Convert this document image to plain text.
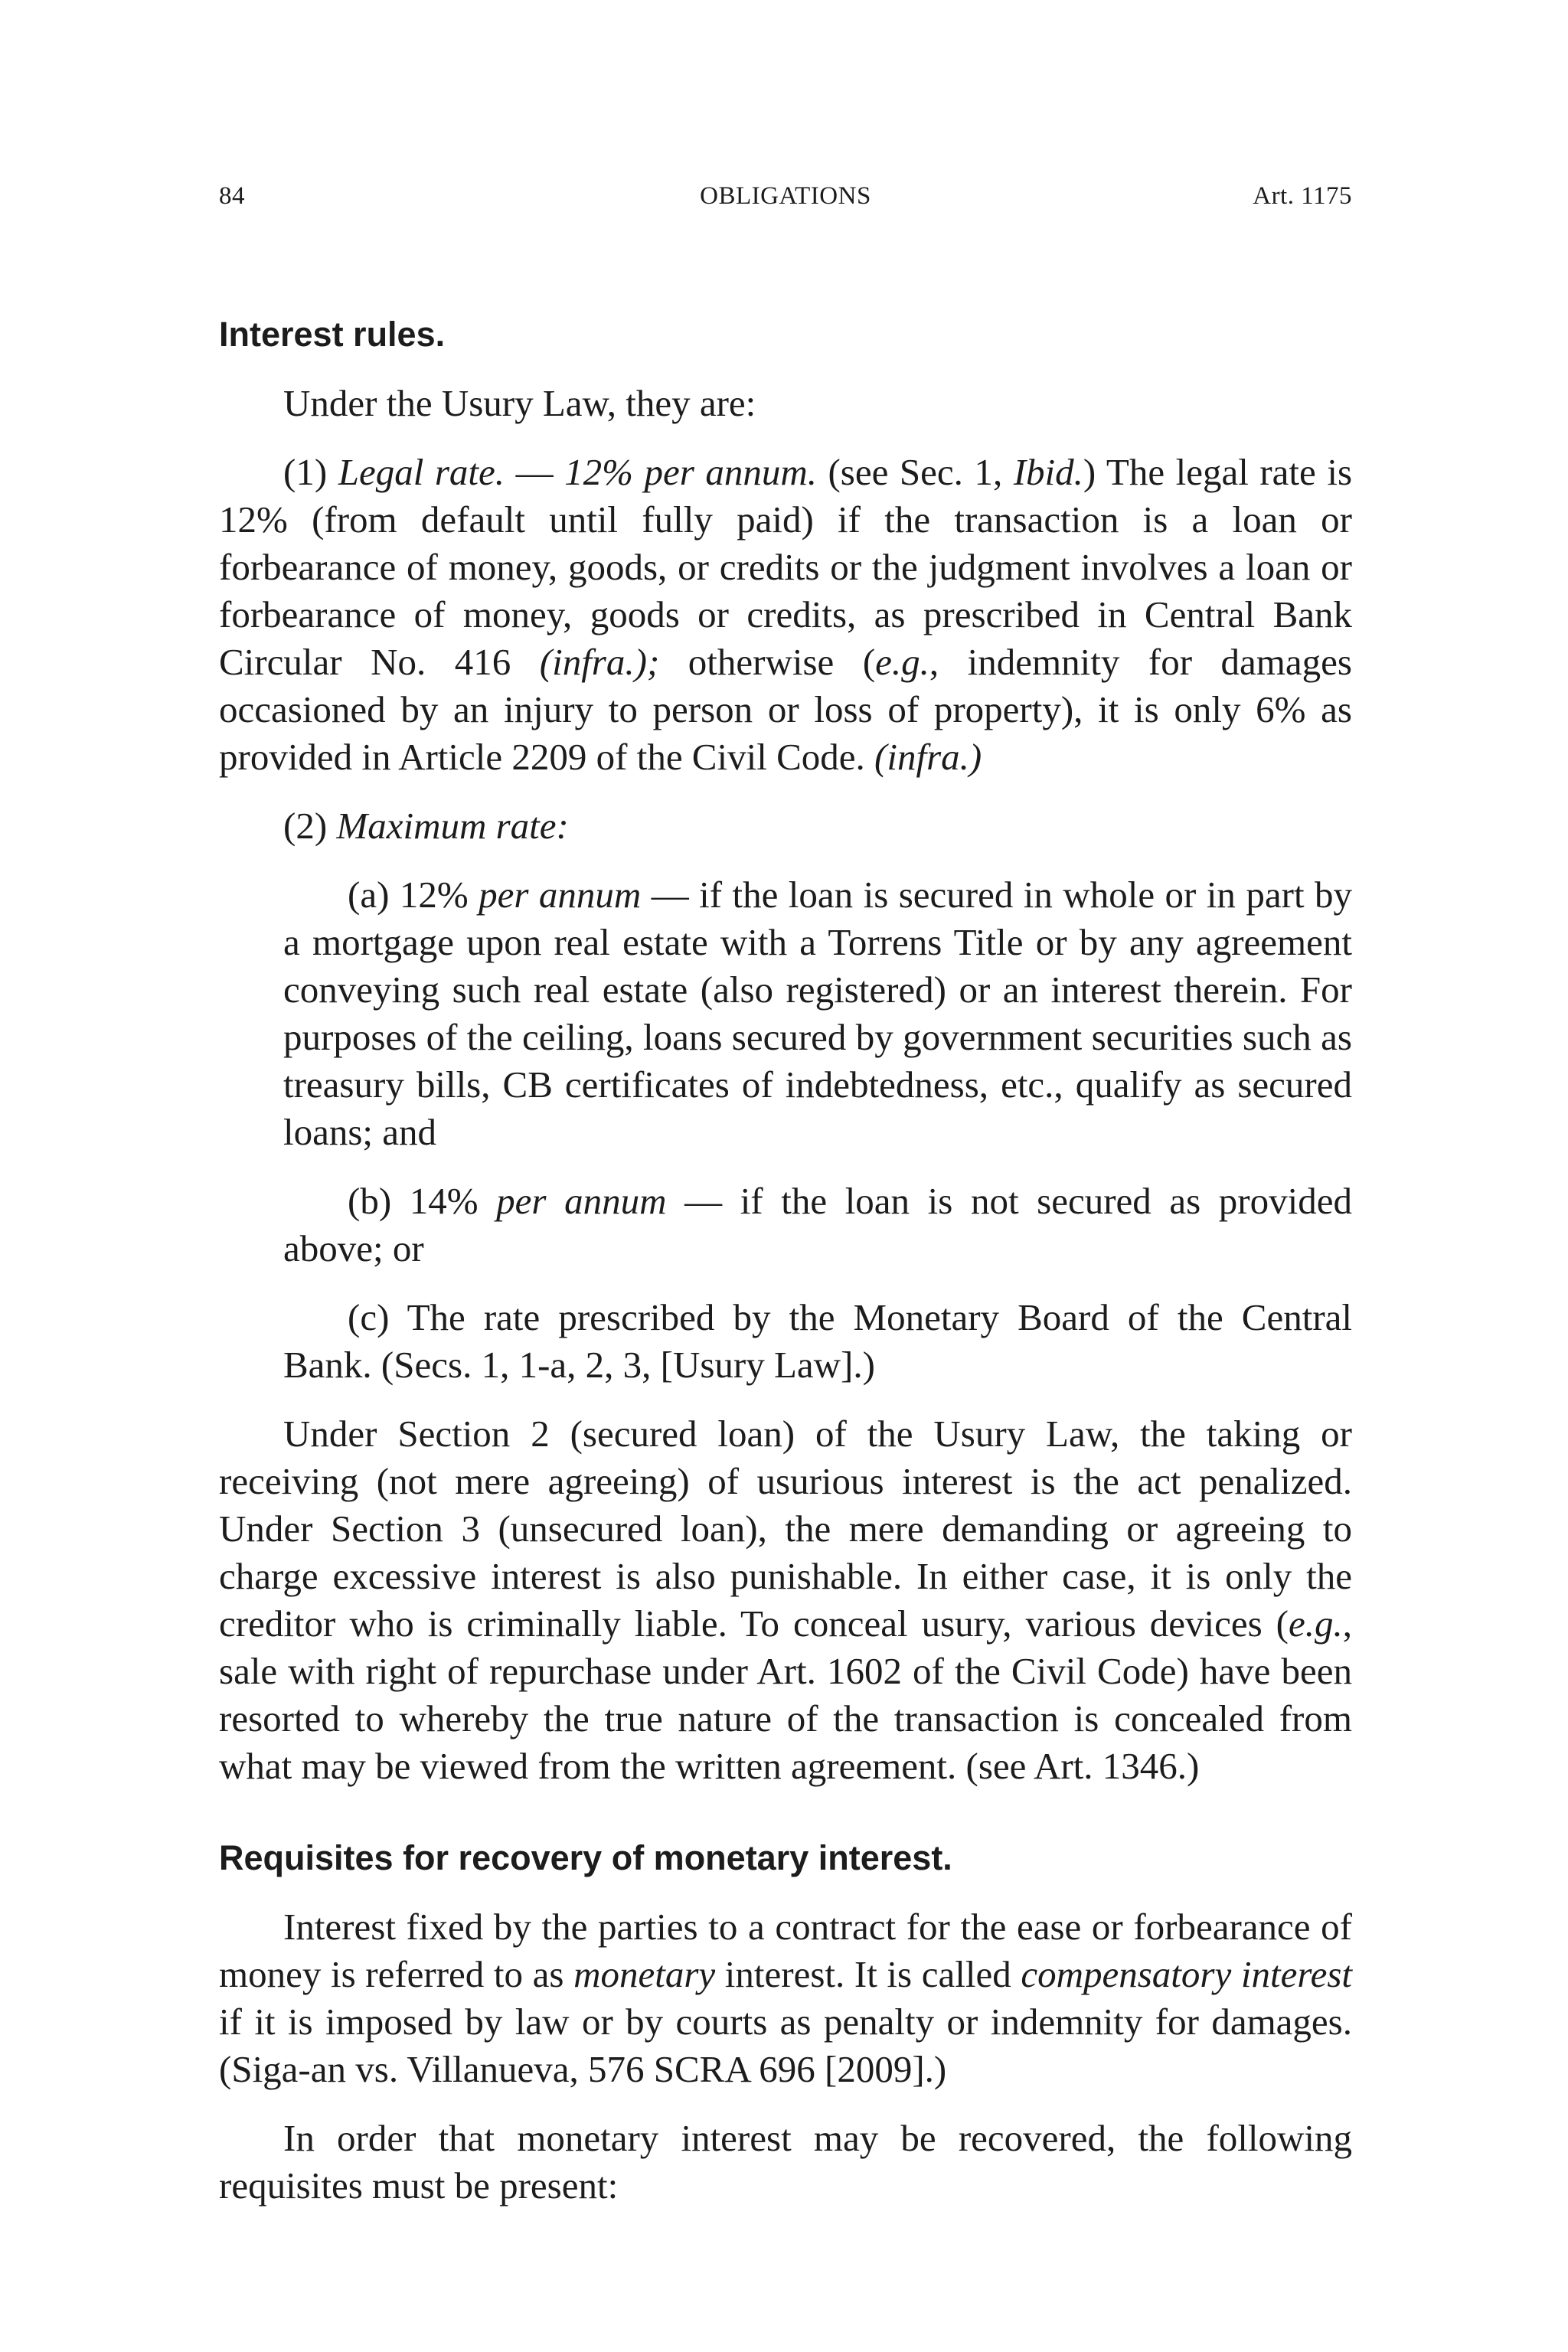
84	OBLIGATIONS	Art. 1175
Interest rules.

Under the Usury Law, they are:

(1) Legal rate. — 12% per annum. (see Sec. 1, Ibid.) The legal rate is 12% (from default until fully paid) if the transaction is a loan or forbearance of money, goods, or credits or the judgment involves a loan or forbearance of money, goods or credits, as prescribed in Central Bank Circular No. 416 (infra.); otherwise (e.g., indemnity for damages occasioned by an injury to person or loss of property), it is only 6% as provided in Article 2209 of the Civil Code. (infra.)

(2) Maximum rate:

(a) 12% per annum — if the loan is secured in whole or in part by a mortgage upon real estate with a Torrens Title or by any agreement conveying such real estate (also registered) or an interest therein. For purposes of the ceiling, loans secured by government securities such as treasury bills, CB certificates of indebtedness, etc., qualify as secured loans; and

(b) 14% per annum — if the loan is not secured as provided above; or

(c) The rate prescribed by the Monetary Board of the Central Bank. (Secs. 1, 1-a, 2, 3, [Usury Law].)

Under Section 2 (secured loan) of the Usury Law, the taking or receiving (not mere agreeing) of usurious interest is the act penalized. Under Section 3 (unsecured loan), the mere demanding or agreeing to charge excessive interest is also punishable. In either case, it is only the creditor who is criminally liable. To conceal usury, various devices (e.g., sale with right of repurchase under Art. 1602 of the Civil Code) have been resorted to whereby the true nature of the transaction is concealed from what may be viewed from the written agreement. (see Art. 1346.)

Requisites for recovery of monetary interest.

Interest fixed by the parties to a contract for the ease or forbearance of money is referred to as monetary interest. It is called compensatory interest if it is imposed by law or by courts as penalty or indemnity for damages. (Siga-an vs. Villanueva, 576 SCRA 696 [2009].)

In order that monetary interest may be recovered, the following requisites must be present:
